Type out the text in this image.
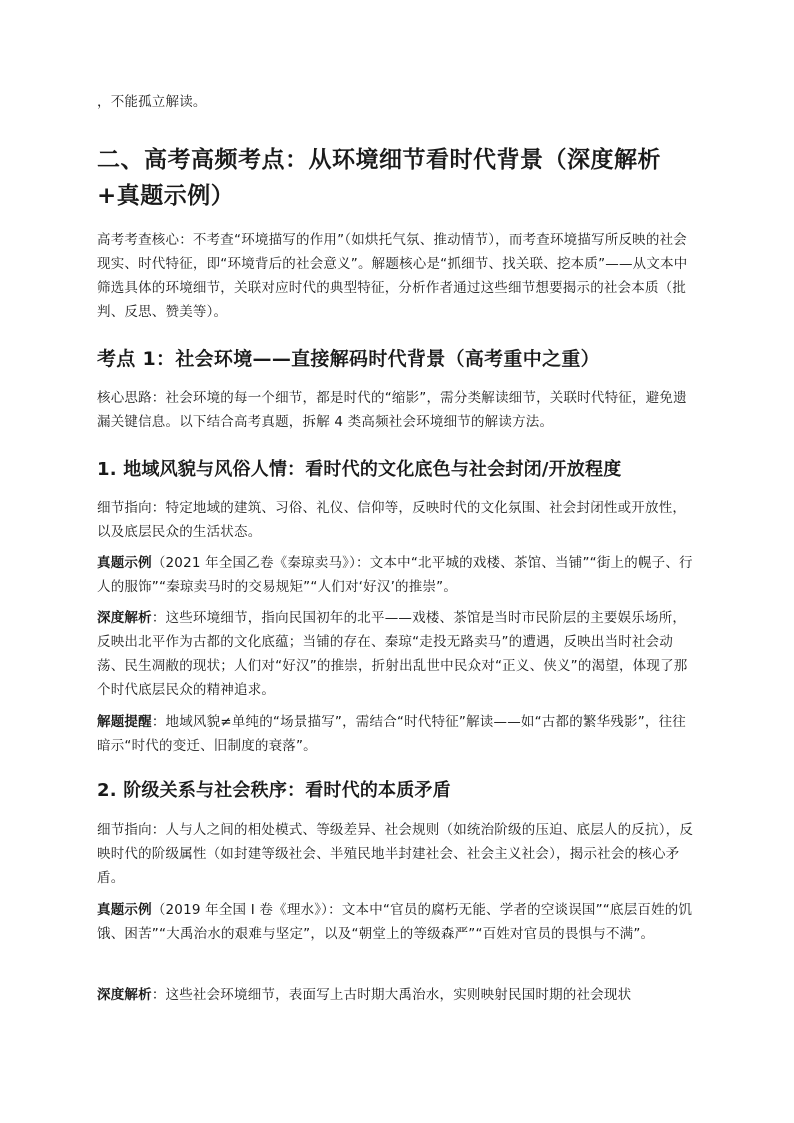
，不能孤立解读。

二、高考高频考点：从环境细节看时代背景（深度解析+真题示例）

高考考查核心：不考查“环境描写的作用”（如烘托气氛、推动情节），而考查环境描写所反映的社会现实、时代特征，即“环境背后的社会意义”。解题核心是“抓细节、找关联、挖本质”——从文本中筛选具体的环境细节，关联对应时代的典型特征，分析作者通过这些细节想要揭示的社会本质（批判、反思、赞美等）。

考点 1：社会环境——直接解码时代背景（高考重中之重）

核心思路：社会环境的每一个细节，都是时代的“缩影”，需分类解读细节，关联时代特征，避免遗漏关键信息。以下结合高考真题，拆解 4 类高频社会环境细节的解读方法。

1. 地域风貌与风俗人情：看时代的文化底色与社会封闭/开放程度

细节指向：特定地域的建筑、习俗、礼仪、信仰等，反映时代的文化氛围、社会封闭性或开放性，以及底层民众的生活状态。

真题示例（2021 年全国乙卷《秦琼卖马》）：文本中“北平城的戏楼、茶馆、当铺”“街上的幌子、行人的服饰”“秦琼卖马时的交易规矩”“人们对‘好汉’的推崇”。

深度解析：这些环境细节，指向民国初年的北平——戏楼、茶馆是当时市民阶层的主要娱乐场所，反映出北平作为古都的文化底蕴；当铺的存在、秦琼“走投无路卖马”的遭遇，反映出当时社会动荡、民生凋敝的现状；人们对“好汉”的推崇，折射出乱世中民众对“正义、侠义”的渴望，体现了那个时代底层民众的精神追求。

解题提醒：地域风貌≠单纯的“场景描写”，需结合“时代特征”解读——如“古都的繁华残影”，往往暗示“时代的变迁、旧制度的衰落”。

2. 阶级关系与社会秩序：看时代的本质矛盾

细节指向：人与人之间的相处模式、等级差异、社会规则（如统治阶级的压迫、底层人的反抗），反映时代的阶级属性（如封建等级社会、半殖民地半封建社会、社会主义社会），揭示社会的核心矛盾。

真题示例（2019 年全国 I 卷《理水》）：文本中“官员的腐朽无能、学者的空谈误国”“底层百姓的饥饿、困苦”“大禹治水的艰难与坚定”，以及“朝堂上的等级森严”“百姓对官员的畏惧与不满”。

深度解析：这些社会环境细节，表面写上古时期大禹治水，实则映射民国时期的社会现状
